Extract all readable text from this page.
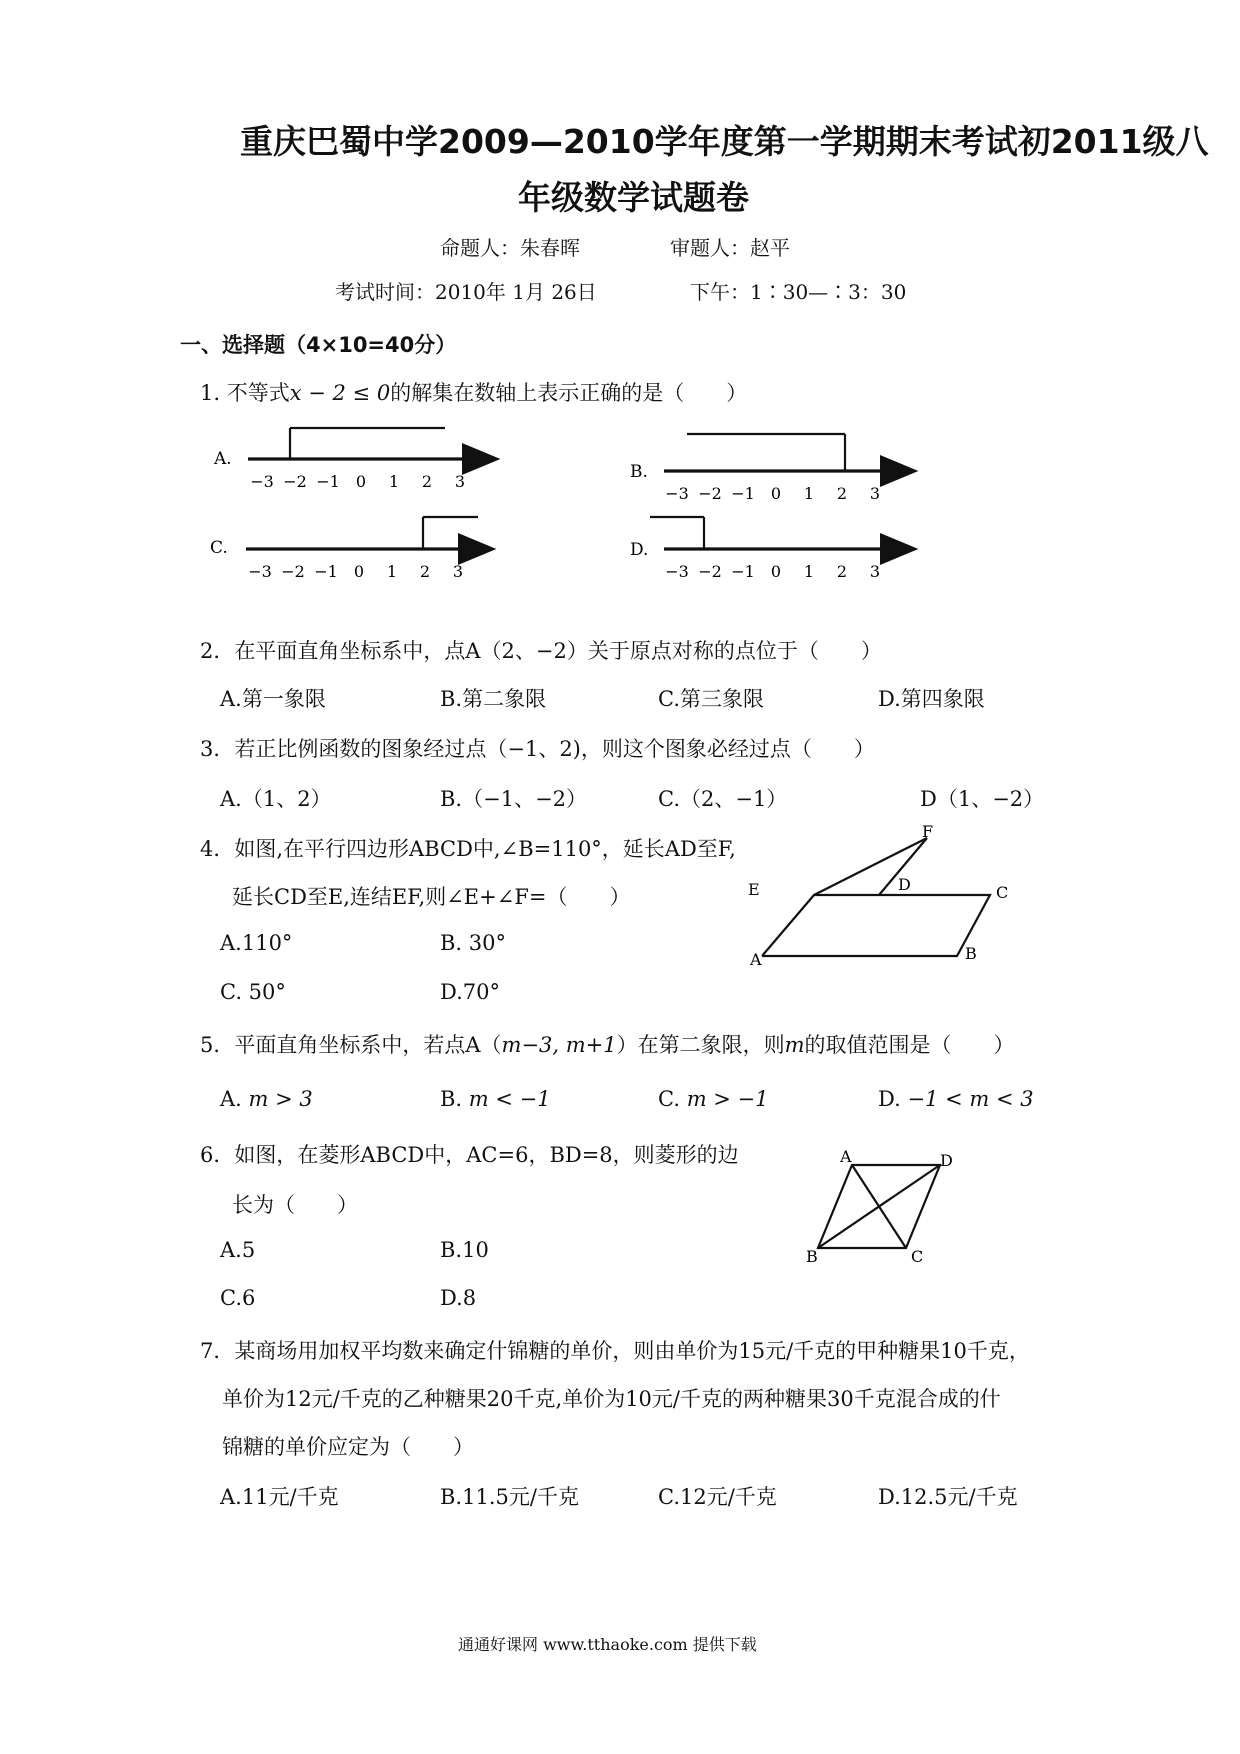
重庆巴蜀中学2009—2010学年度第一学期期末考试初2011级八
年级数学试题卷
命题人：朱春晖	审题人：赵平
考试时间：2010年 1月 26日	下午：1∶30—∶3：30
一、选择题（4×10=40分）
1. 不等式x − 2 ≤ 0的解集在数轴上表示正确的是（　　）
A.
−3 −2 −1 0 1 2 3	B.
−3 −2 −1 0 1 2 3
C.
−3 −2 −1 0 1 2 3
D.
−3 −2 −1 0 1 2 3
2．在平面直角坐标系中，点A（2、−2）关于原点对称的点位于（　　）
A.第一象限	B.第二象限	C.第三象限	D.第四象限
3．若正比例函数的图象经过点（−1、2)，则这个图象必经过点（　　）
A.（1、2）	B.（−1、−2）	C.（2、−1）	D（1、−2）
4．如图,在平行四边形ABCD中,∠B=110°，延长AD至F,
延长CD至E,连结EF,则∠E+∠F=（　　）
A.110°	B. 30°
C. 50°	D.70°
F
D	C
A	B
E
5．平面直角坐标系中，若点A（m−3, m+1）在第二象限，则m的取值范围是（　　）
A. m > 3	B. m < −1	C. m > −1	D. −1 < m < 3
6．如图，在菱形ABCD中，AC=6，BD=8，则菱形的边
长为（　　）
A.5	B.10
C.6	D.8
A	D
B	C
7．某商场用加权平均数来确定什锦糖的单价，则由单价为15元/千克的甲种糖果10千克，
单价为12元/千克的乙种糖果20千克,单价为10元/千克的两种糖果30千克混合成的什
锦糖的单价应定为（　　）
A.11元/千克	B.11.5元/千克	C.12元/千克	D.12.5元/千克
通通好课网 www.tthaoke.com 提供下载
